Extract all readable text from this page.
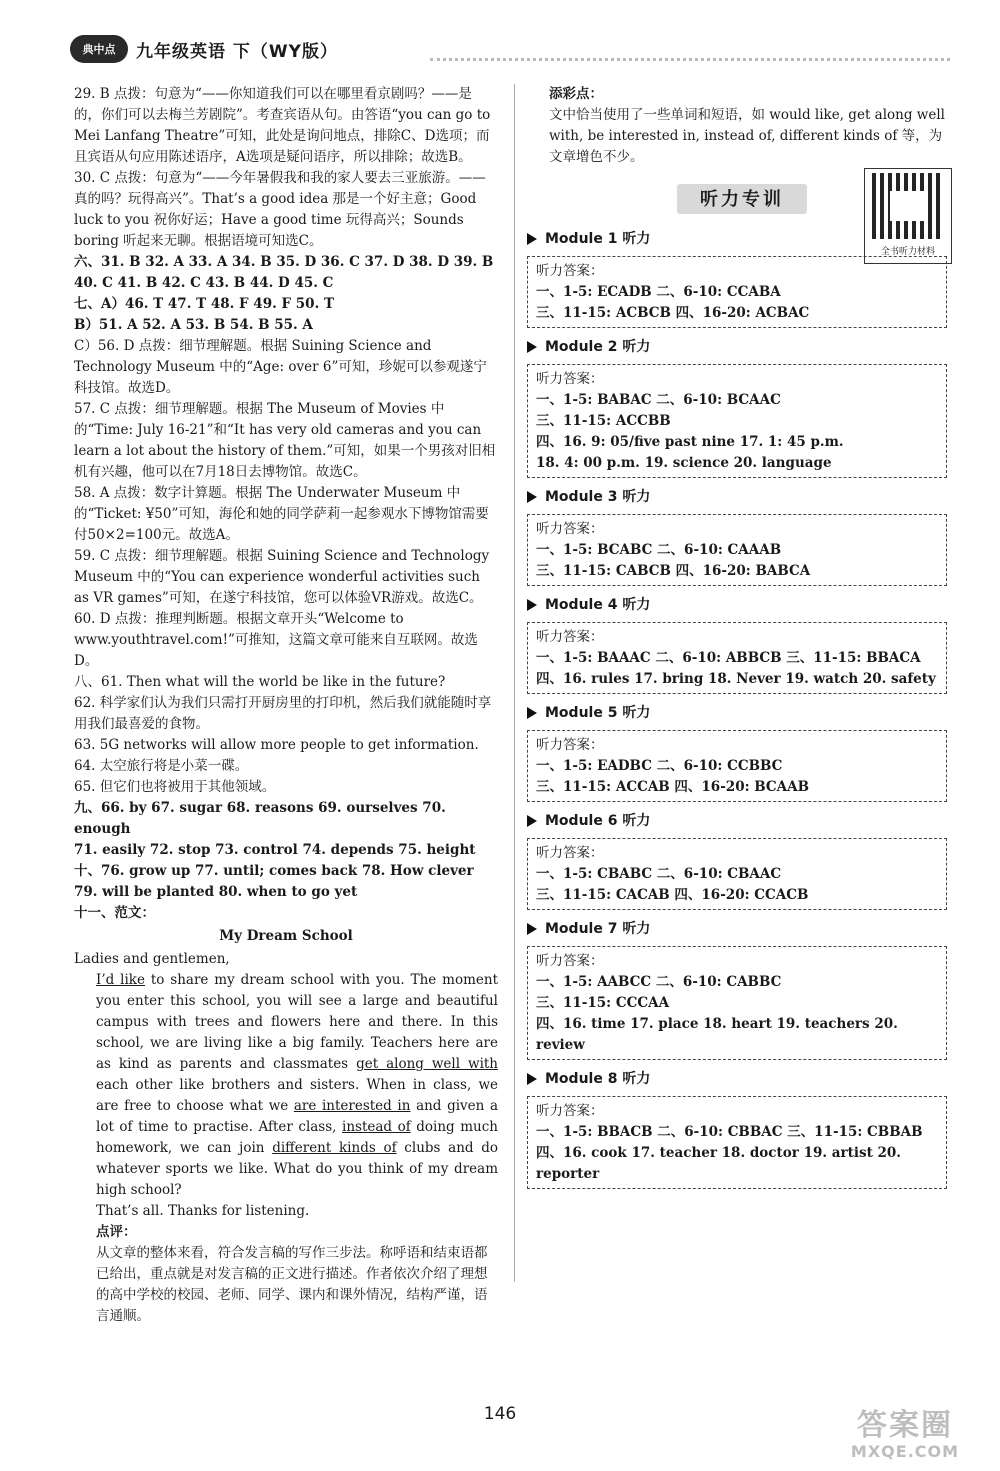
典中点	九年级英语 下（WY版）

29. B 点拨：句意为“——你知道我们可以在哪里看京剧吗？——是的，你们可以去梅兰芳剧院”。考查宾语从句。由答语“you can go to Mei Lanfang Theatre”可知，此处是询问地点，排除C、D选项；而且宾语从句应用陈述语序，A选项是疑问语序，所以排除；故选B。

30. C 点拨：句意为“——今年暑假我和我的家人要去三亚旅游。——真的吗？玩得高兴”。That’s a good idea 那是一个好主意；Good luck to you 祝你好运；Have a good time 玩得高兴；Sounds boring 听起来无聊。根据语境可知选C。

六、31. B 32. A 33. A 34. B 35. D 36. C 37. D 38. D 39. B

40. C 41. B 42. C 43. B 44. D 45. C

七、A）46. T 47. T 48. F 49. F 50. T

B）51. A 52. A 53. B 54. B 55. A

C）56. D 点拨：细节理解题。根据 Suining Science and Technology Museum 中的“Age: over 6”可知，珍妮可以参观遂宁科技馆。故选D。

57. C 点拨：细节理解题。根据 The Museum of Movies 中的“Time: July 16-21”和“It has very old cameras and you can learn a lot about the history of them.”可知，如果一个男孩对旧相机有兴趣，他可以在7月18日去博物馆。故选C。

58. A 点拨：数字计算题。根据 The Underwater Museum 中的“Ticket: ¥50”可知，海伦和她的同学萨莉一起参观水下博物馆需要付50×2=100元。故选A。

59. C 点拨：细节理解题。根据 Suining Science and Technology Museum 中的“You can experience wonderful activities such as VR games”可知，在遂宁科技馆，您可以体验VR游戏。故选C。

60. D 点拨：推理判断题。根据文章开头“Welcome to www.youthtravel.com!”可推知，这篇文章可能来自互联网。故选D。

八、61. Then what will the world be like in the future?

62. 科学家们认为我们只需打开厨房里的打印机，然后我们就能随时享用我们最喜爱的食物。

63. 5G networks will allow more people to get information.

64. 太空旅行将是小菜一碟。

65. 但它们也将被用于其他领域。

九、66. by 67. sugar 68. reasons 69. ourselves 70. enough

71. easily 72. stop 73. control 74. depends 75. height

十、76. grow up 77. until; comes back 78. How clever

79. will be planted 80. when to go yet

十一、范文：

My Dream School

Ladies and gentlemen,

I’d like to share my dream school with you. The moment you enter this school, you will see a large and beautiful campus with trees and flowers here and there. In this school, we are living like a big family. Teachers here are as kind as parents and classmates get along well with each other like brothers and sisters. When in class, we are free to choose what we are interested in and given a lot of time to practise. After class, instead of doing much homework, we can join different kinds of clubs and do whatever sports we like. What do you think of my dream high school?

That’s all. Thanks for listening.

点评：

从文章的整体来看，符合发言稿的写作三步法。称呼语和结束语都已给出，重点就是对发言稿的正文进行描述。作者依次介绍了理想的高中学校的校园、老师、同学、课内和课外情况，结构严谨，语言通顺。

添彩点：

文中恰当使用了一些单词和短语，如 would like, get along well with, be interested in, instead of, different kinds of 等，为文章增色不少。

听力专训
全书听力材料
Module 1 听力

听力答案：

一、1-5: ECADB 二、6-10: CCABA

三、11-15: ACBCB 四、16-20: ACBAC

Module 2 听力

听力答案：

一、1-5: BABAC 二、6-10: BCAAC

三、11-15: ACCBB

四、16. 9: 05/five past nine 17. 1: 45 p.m.

18. 4: 00 p.m. 19. science 20. language

Module 3 听力

听力答案：

一、1-5: BCABC 二、6-10: CAAAB

三、11-15: CABCB 四、16-20: BABCA

Module 4 听力

听力答案：

一、1-5: BAAAC 二、6-10: ABBCB 三、11-15: BBACA

四、16. rules 17. bring 18. Never 19. watch 20. safety

Module 5 听力

听力答案：

一、1-5: EADBC 二、6-10: CCBBC

三、11-15: ACCAB 四、16-20: BCAAB

Module 6 听力

听力答案：

一、1-5: CBABC 二、6-10: CBAAC

三、11-15: CACAB 四、16-20: CCACB

Module 7 听力

听力答案：

一、1-5: AABCC 二、6-10: CABBC

三、11-15: CCCAA

四、16. time 17. place 18. heart 19. teachers 20. review

Module 8 听力

听力答案：

一、1-5: BBACB 二、6-10: CBBAC 三、11-15: CBBAB

四、16. cook 17. teacher 18. doctor 19. artist 20. reporter

146	答案圈
MXQE.COM
